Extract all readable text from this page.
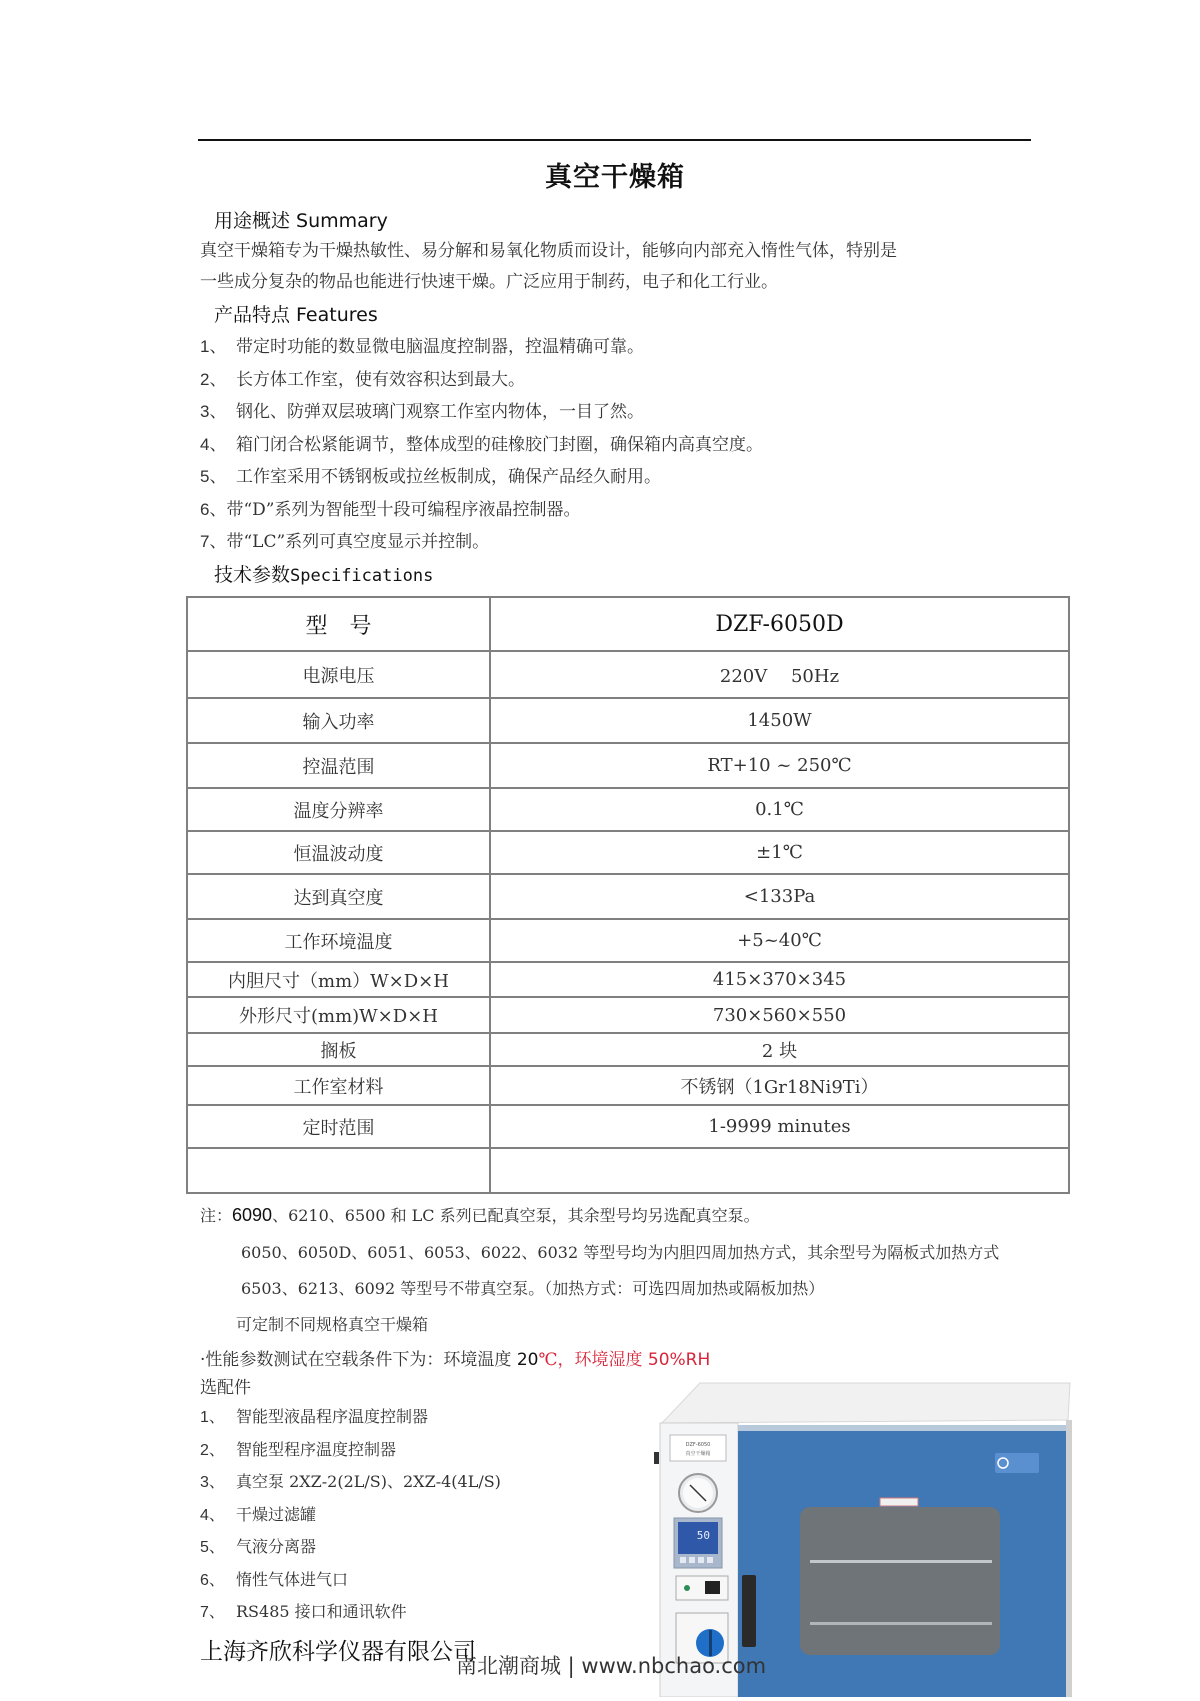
真空干燥箱
用途概述 Summary
真空干燥箱专为干燥热敏性、易分解和易氧化物质而设计，能够向内部充入惰性气体，特别是
一些成分复杂的物品也能进行快速干燥。广泛应用于制药，电子和化工行业。
产品特点 Features
1、 带定时功能的数显微电脑温度控制器，控温精确可靠。
2、 长方体工作室，使有效容积达到最大。
3、 钢化、防弹双层玻璃门观察工作室内物体，一目了然。
4、 箱门闭合松紧能调节，整体成型的硅橡胶门封圈，确保箱内高真空度。
5、 工作室采用不锈钢板或拉丝板制成，确保产品经久耐用。
6、带“D”系列为智能型十段可编程序液晶控制器。
7、带“LC”系列可真空度显示并控制。
技术参数Specifications
型　号	DZF-6050D
电源电压	220V　 50Hz
输入功率	1450W
控温范围	RT+10 ~ 250℃
温度分辨率	0.1℃
恒温波动度	±1℃
达到真空度	<133Pa
工作环境温度	+5~40℃
内胆尺寸（mm）W×D×H	415×370×345
外形尺寸(mm)W×D×H	730×560×550
搁板	2 块
工作室材料	不锈钢（1Gr18Ni9Ti）
定时范围	1-9999 minutes

注：6090、6210、6500 和 LC 系列已配真空泵，其余型号均另选配真空泵。
6050、6050D、6051、6053、6022、6032 等型号均为内胆四周加热方式，其余型号为隔板式加热方式
6503、6213、6092 等型号不带真空泵。（加热方式：可选四周加热或隔板加热）
可定制不同规格真空干燥箱
·性能参数测试在空载条件下为：环境温度 20℃，环境湿度 50%RH
选配件
1、 智能型液晶程序温度控制器
2、 智能型程序温度控制器
3、 真空泵 2XZ-2(2L/S)、2XZ-4(4L/S)
4、 干燥过滤罐
5、 气液分离器
6、 惰性气体进气口
7、 RS485 接口和通讯软件
DZF-6050
真空干燥箱
50
上海齐欣科学仪器有限公司
南北潮商城 | www.nbchao.com
